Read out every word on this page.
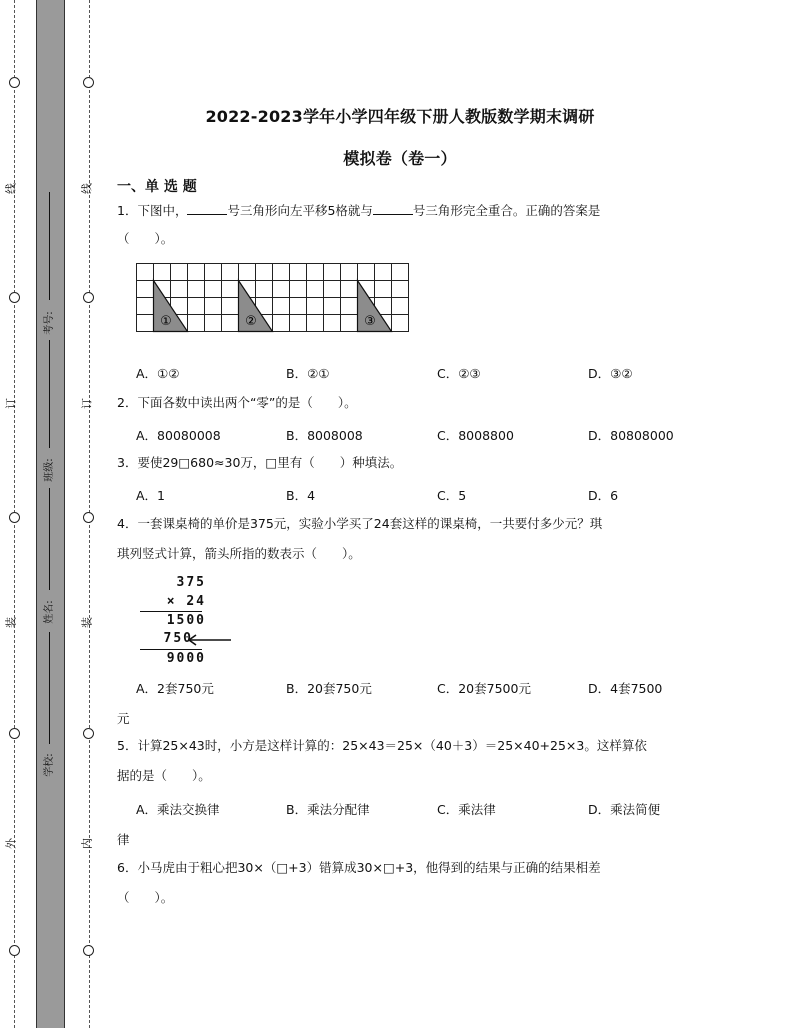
线
订
装
外
线
订
装
内
考号:
班级:
姓名:
学校:
2022-2023学年小学四年级下册人教版数学期末调研
模拟卷（卷一）
一、单 选 题
1．下图中，	号三角形向左平移5格就与	号三角形完全重合。正确的答案是
（　　）。
①	②	③
A．①②	B．②①	C．②③	D．③②
2．下面各数中读出两个“零”的是（　　）。
A．80080008	B．8008008	C．8008800	D．80808000
3．要使29□680≈30万，□里有（　　）种填法。
A．1	B．4	C．5	D．6
4．一套课桌椅的单价是375元，实验小学买了24套这样的课桌椅，一共要付多少元？琪
琪列竖式计算，箭头所指的数表示（　　）。
375
× 24
1500
750
9000
A．2套750元	B．20套750元	C．20套7500元	D．4套7500
元
5．计算25×43时，小方是这样计算的：25×43＝25×（40＋3）＝25×40+25×3。这样算依
据的是（　　）。
A．乘法交换律	B．乘法分配律	C．乘法律	D．乘法简便
律
6．小马虎由于粗心把30×（□+3）错算成30×□+3，他得到的结果与正确的结果相差
（　　）。
